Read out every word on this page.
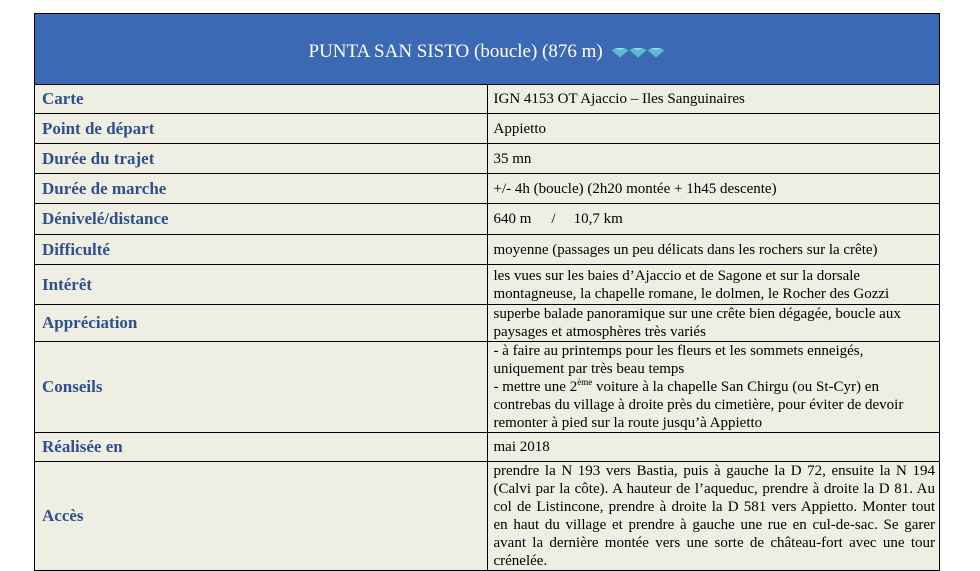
PUNTA SAN SISTO (boucle) (876 m)	
Carte	IGN 4153 OT Ajaccio – Iles Sanguinaires
Point de départ	Appietto
Durée du trajet	35 mn
Durée de marche	+/- 4h (boucle) (2h20 montée + 1h45 descente)
Dénivelé/distance	640 m / 10,7 km
Difficulté	moyenne (passages un peu délicats dans les rochers sur la crête)
Intérêt	les vues sur les baies d’Ajaccio et de Sagone et sur la dorsale montagneuse, la chapelle romane, le dolmen, le Rocher des Gozzi
Appréciation	superbe balade panoramique sur une crête bien dégagée, boucle aux paysages et atmosphères très variés
Conseils	- à faire au printemps pour les fleurs et les sommets enneigés, uniquement par très beau temps
- mettre une 2ème voiture à la chapelle San Chirgu (ou St-Cyr) en contrebas du village à droite près du cimetière, pour éviter de devoir remonter à pied sur la route jusqu’à Appietto

Réalisée en	mai 2018
Accès	prendre la N 193 vers Bastia, puis à gauche la D 72, ensuite la N 194 (Calvi par la côte). A hauteur de l’aqueduc, prendre à droite la D 81. Au col de Listincone, prendre à droite la D 581 vers Appietto. Monter tout en haut du village et prendre à gauche une rue en cul-de-sac. Se garer avant la dernière montée vers une sorte de château-fort avec une tour crénelée.
